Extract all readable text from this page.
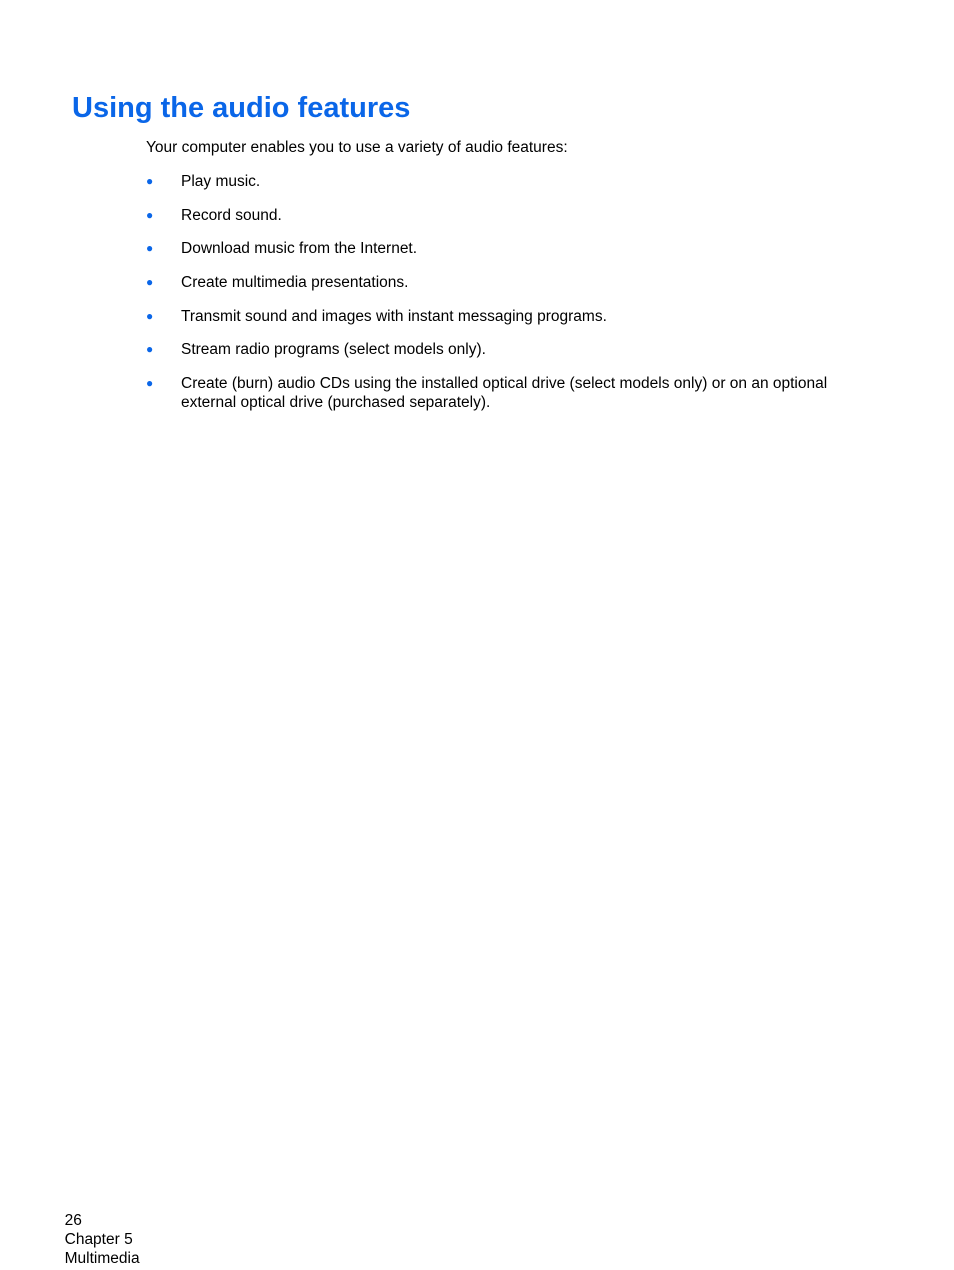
Using the audio features

Your computer enables you to use a variety of audio features:

●	Play music.
●	Record sound.
●	Download music from the Internet.
●	Create multimedia presentations.
●	Transmit sound and images with instant messaging programs.
●	Stream radio programs (select models only).
●	Create (burn) audio CDs using the installed optical drive (select models only) or on an optional external optical drive (purchased separately).

26
Chapter 5
Multimedia
